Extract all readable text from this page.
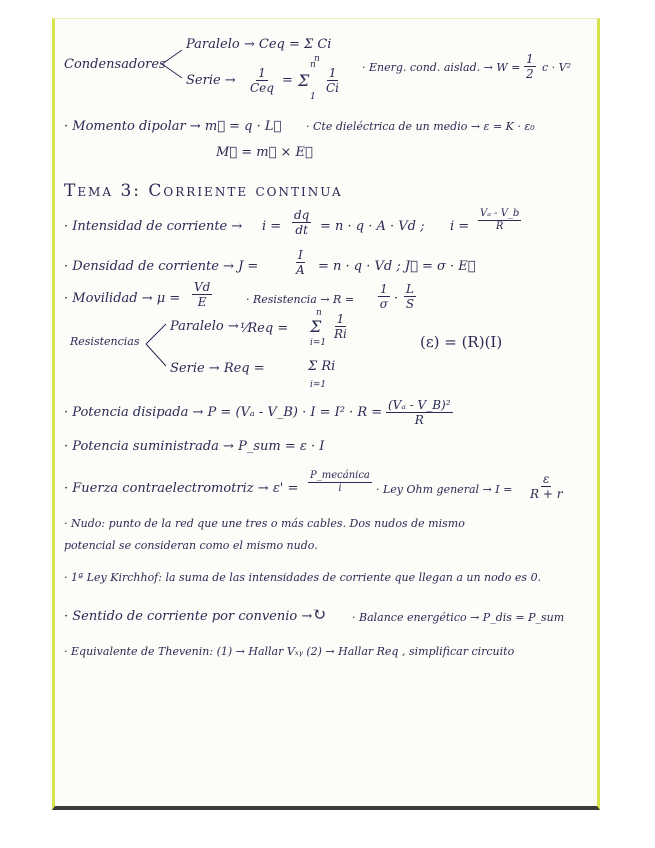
Condensadores
Paralelo → Ceq = Σ Ci
n
Serie → 1
Ceq
=
n
Σ
1
$\frac{1}{Ci}$ · Energ. cond. aislad. → $W = \frac{1}{2}$ c · V²
· Momento dipolar → m⃗ = q · L⃗ · Cte dieléctrica de un medio → ε = K · ε₀
M⃗ = m⃗ × E⃗
Tema 3: Corriente continua
· Intensidad de corriente → $i = \frac{dq}{dt} = n \cdot q \cdot A \cdot Vd$ ; $i = \frac{\text{Vₐ - V\_b}}{R}$
· Densidad de corriente → J =	$\frac{I}{A} = n \cdot q \cdot Vd$ ; J⃗ = σ · E⃗
· Movilidad → $\mu = \frac{Vd}{E}$	· Resistencia → $R = \frac{1}{\sigma} \cdot \frac{L}{S}$
Resistencias
Paralelo → ¹⁄Req =
n
Σ
i=1
$\frac{1}{Ri}$
Serie → Req =	Σ Ri
i=1
(ε) = (R)(I)
· Potencia disipada → P = (Vₐ - V_B) · $I = I^2 \cdot R = \frac{\text{(Vₐ - V\_B)²}}{R}$
· Potencia suministrada → P_sum = ε · I
· Fuerza contraelectromotriz → ε' =
P_mecánica
i	· Ley Ohm general → $I = \frac{\varepsilon}{R + r}$
· Nudo: punto de la red que une tres o más cables. Dos nudos de mismo
potencial se consideran como el mismo nudo.
· 1ª Ley Kirchhof: la suma de las intensidades de corriente que llegan a un nodo es 0.
· Sentido de corriente por convenio → ↻ · Balance energético → P_dis = P_sum
· Equivalente de Thevenin: (1) → Hallar Vₓᵧ (2) → Hallar Req , simplificar circuito
